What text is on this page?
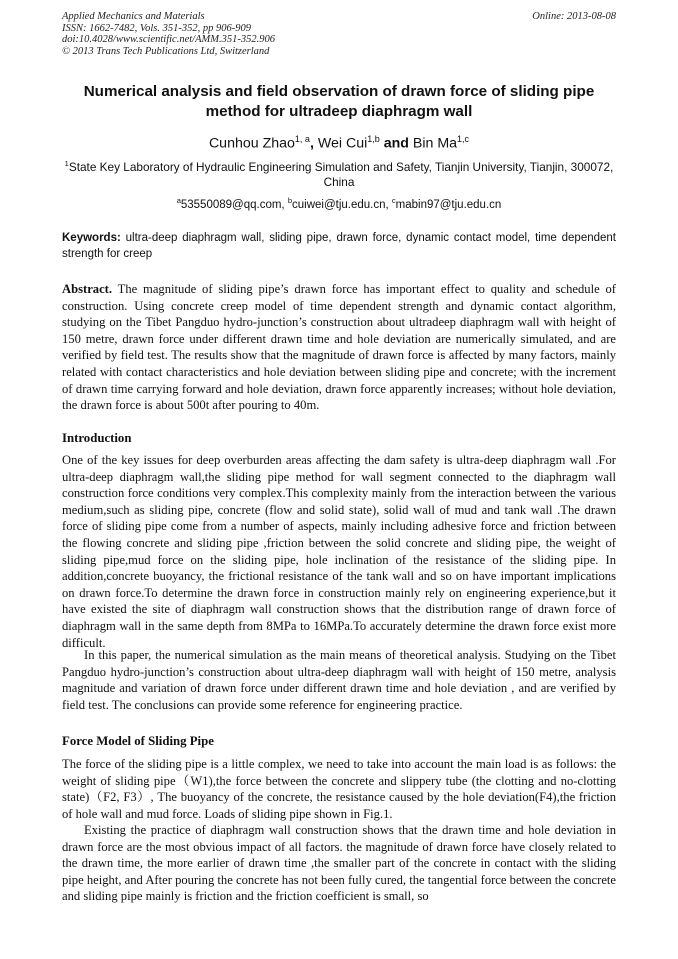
Applied Mechanics and Materials
ISSN: 1662-7482, Vols. 351-352, pp 906-909
doi:10.4028/www.scientific.net/AMM.351-352.906
© 2013 Trans Tech Publications Ltd, Switzerland
Online: 2013-08-08
Numerical analysis and field observation of drawn force of sliding pipe method for ultradeep diaphragm wall
Cunhou Zhao$^{1, a}$, Wei Cui$^{1,b}$ and Bin Ma$^{1,c}$
$^1$State Key Laboratory of Hydraulic Engineering Simulation and Safety, Tianjin University, Tianjin, 300072, China
$^a$53550089@qq.com, $^b$cuiwei@tju.edu.cn, $^c$mabin97@tju.edu.cn
Keywords: ultra-deep diaphragm wall, sliding pipe, drawn force, dynamic contact model, time dependent strength for creep
Abstract. The magnitude of sliding pipe’s drawn force has important effect to quality and schedule of construction. Using concrete creep model of time dependent strength and dynamic contact algorithm, studying on the Tibet Pangduo hydro-junction’s construction about ultradeep diaphragm wall with height of 150 metre, drawn force under different drawn time and hole deviation are numerically simulated, and are verified by field test. The results show that the magnitude of drawn force is affected by many factors, mainly related with contact characteristics and hole deviation between sliding pipe and concrete; with the increment of drawn time carrying forward and hole deviation, drawn force apparently increases; without hole deviation, the drawn force is about 500t after pouring to 40m.
Introduction

One of the key issues for deep overburden areas affecting the dam safety is ultra-deep diaphragm wall .For ultra-deep diaphragm wall,the sliding pipe method for wall segment connected to the diaphragm wall construction force conditions very complex.This complexity mainly from the interaction between the various medium,such as sliding pipe, concrete (flow and solid state), solid wall of mud and tank wall .The drawn force of sliding pipe come from a number of aspects, mainly including adhesive force and friction between the flowing concrete and sliding pipe ,friction between the solid concrete and sliding pipe, the weight of sliding pipe,mud force on the sliding pipe, hole inclination of the resistance of the sliding pipe. In addition,concrete buoyancy, the frictional resistance of the tank wall and so on have important implications on drawn force.To determine the drawn force in construction mainly rely on engineering experience,but it have existed the site of diaphragm wall construction shows that the distribution range of drawn force of diaphragm wall in the same depth from 8MPa to 16MPa.To accurately determine the drawn force exist more difficult.

In this paper, the numerical simulation as the main means of theoretical analysis. Studying on the Tibet Pangduo hydro-junction’s construction about ultra-deep diaphragm wall with height of 150 metre, analysis magnitude and variation of drawn force under different drawn time and hole deviation , and are verified by field test. The conclusions can provide some reference for engineering practice.

Force Model of Sliding Pipe

The force of the sliding pipe is a little complex, we need to take into account the main load is as follows: the weight of sliding pipe（W1),the force between the concrete and slippery tube (the clotting and no-clotting state)（F2, F3）, The buoyancy of the concrete, the resistance caused by the hole deviation(F4),the friction of hole wall and mud force. Loads of sliding pipe shown in Fig.1.

Existing the practice of diaphragm wall construction shows that the drawn time and hole deviation in drawn force are the most obvious impact of all factors. the magnitude of drawn force have closely related to the drawn time, the more earlier of drawn time ,the smaller part of the concrete in contact with the sliding pipe height, and After pouring the concrete has not been fully cured, the tangential force between the concrete and sliding pipe mainly is friction and the friction coefficient is small, so
